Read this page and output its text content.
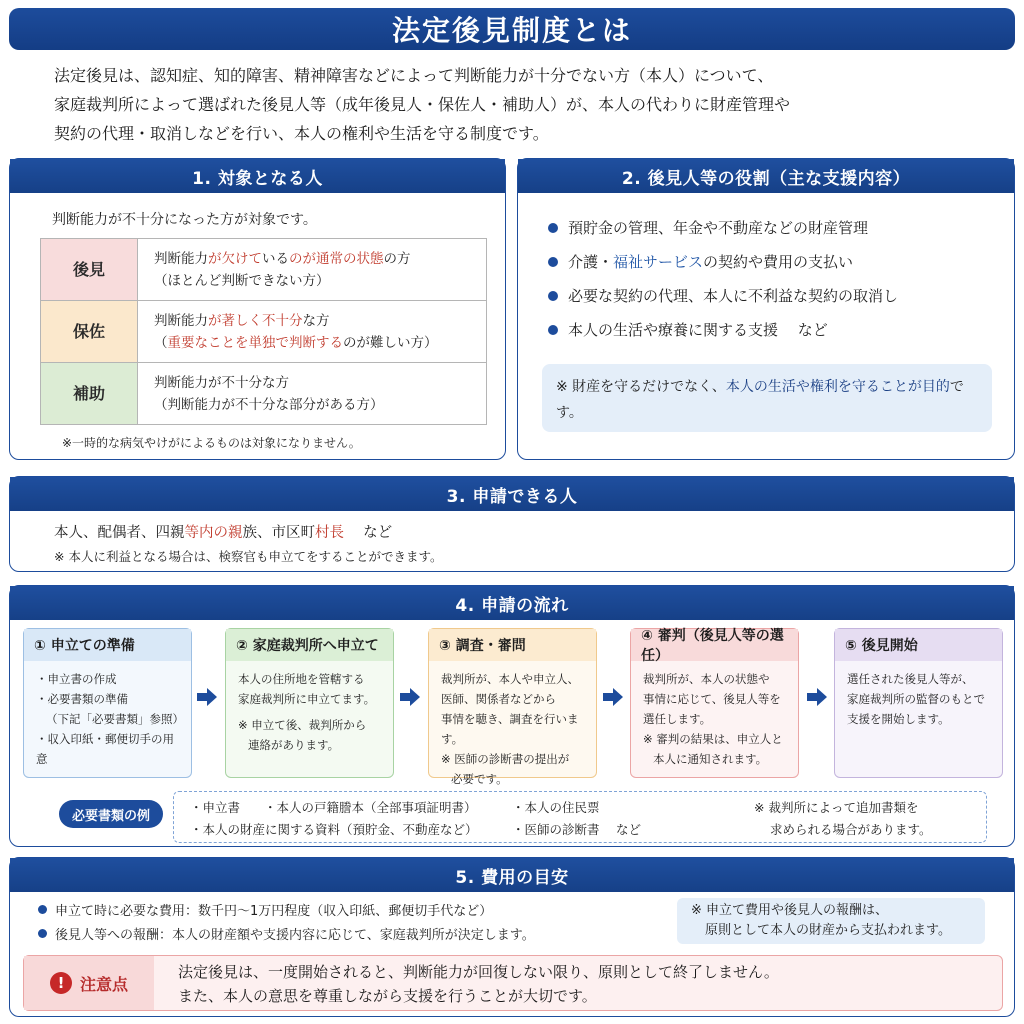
法定後見制度とは
法定後見は、認知症、知的障害、精神障害などによって判断能力が十分でない方（本人）について、
家庭裁判所によって選ばれた後見人等（成年後見人・保佐人・補助人）が、本人の代わりに財産管理や
契約の代理・取消しなどを行い、本人の権利や生活を守る制度です。
1. 対象となる人
判断能力が不十分になった方が対象です。
後見	判断能力が欠けているのが通常の状態の方
（ほとんど判断できない方）

保佐	判断能力が著しく不十分な方
（重要なことを単独で判断するのが難しい方）

補助	判断能力が不十分な方
（判断能力が不十分な部分がある方）
※一時的な病気やけがによるものは対象になりません。
2. 後見人等の役割（主な支援内容）
預貯金の管理、年金や不動産などの財産管理
介護・福祉サービスの契約や費用の支払い
必要な契約の代理、本人に不利益な契約の取消し
本人の生活や療養に関する支援　 など
※ 財産を守るだけでなく、本人の生活や権利を守ることが目的です。
3. 申請できる人
本人、配偶者、四親等内の親族、市区町村長　 など
※ 本人に利益となる場合は、検察官も申立てをすることができます。
4. 申請の流れ
① 申立ての準備
・申立書の作成
・必要書類の準備
（下記「必要書類」参照）
・収入印紙・郵便切手の用意
② 家庭裁判所へ申立て
本人の住所地を管轄する
家庭裁判所に申立てます。
※ 申立て後、裁判所から
連絡があります。
③ 調査・審問
裁判所が、本人や申立人、
医師、関係者などから
事情を聴き、調査を行います。
※ 医師の診断書の提出が
必要です。
④ 審判（後見人等の選任）
裁判所が、本人の状態や
事情に応じて、後見人等を
選任します。
※ 審判の結果は、申立人と
本人に通知されます。
⑤ 後見開始
選任された後見人等が、
家庭裁判所の監督のもとで
支援を開始します。
必要書類の例
・申立書 ・本人の戸籍謄本（全部事項証明書）	・本人の住民票
・本人の財産に関する資料（預貯金、不動産など）	・医師の診断書　 など
※ 裁判所によって追加書類を
求められる場合があります。
5. 費用の目安
申立て時に必要な費用：数千円〜1万円程度（収入印紙、郵便切手代など）
後見人等への報酬：本人の財産額や支援内容に応じて、家庭裁判所が決定します。
※ 申立て費用や後見人の報酬は、
原則として本人の財産から支払われます。
! 注意点
法定後見は、一度開始されると、判断能力が回復しない限り、原則として終了しません。
また、本人の意思を尊重しながら支援を行うことが大切です。
